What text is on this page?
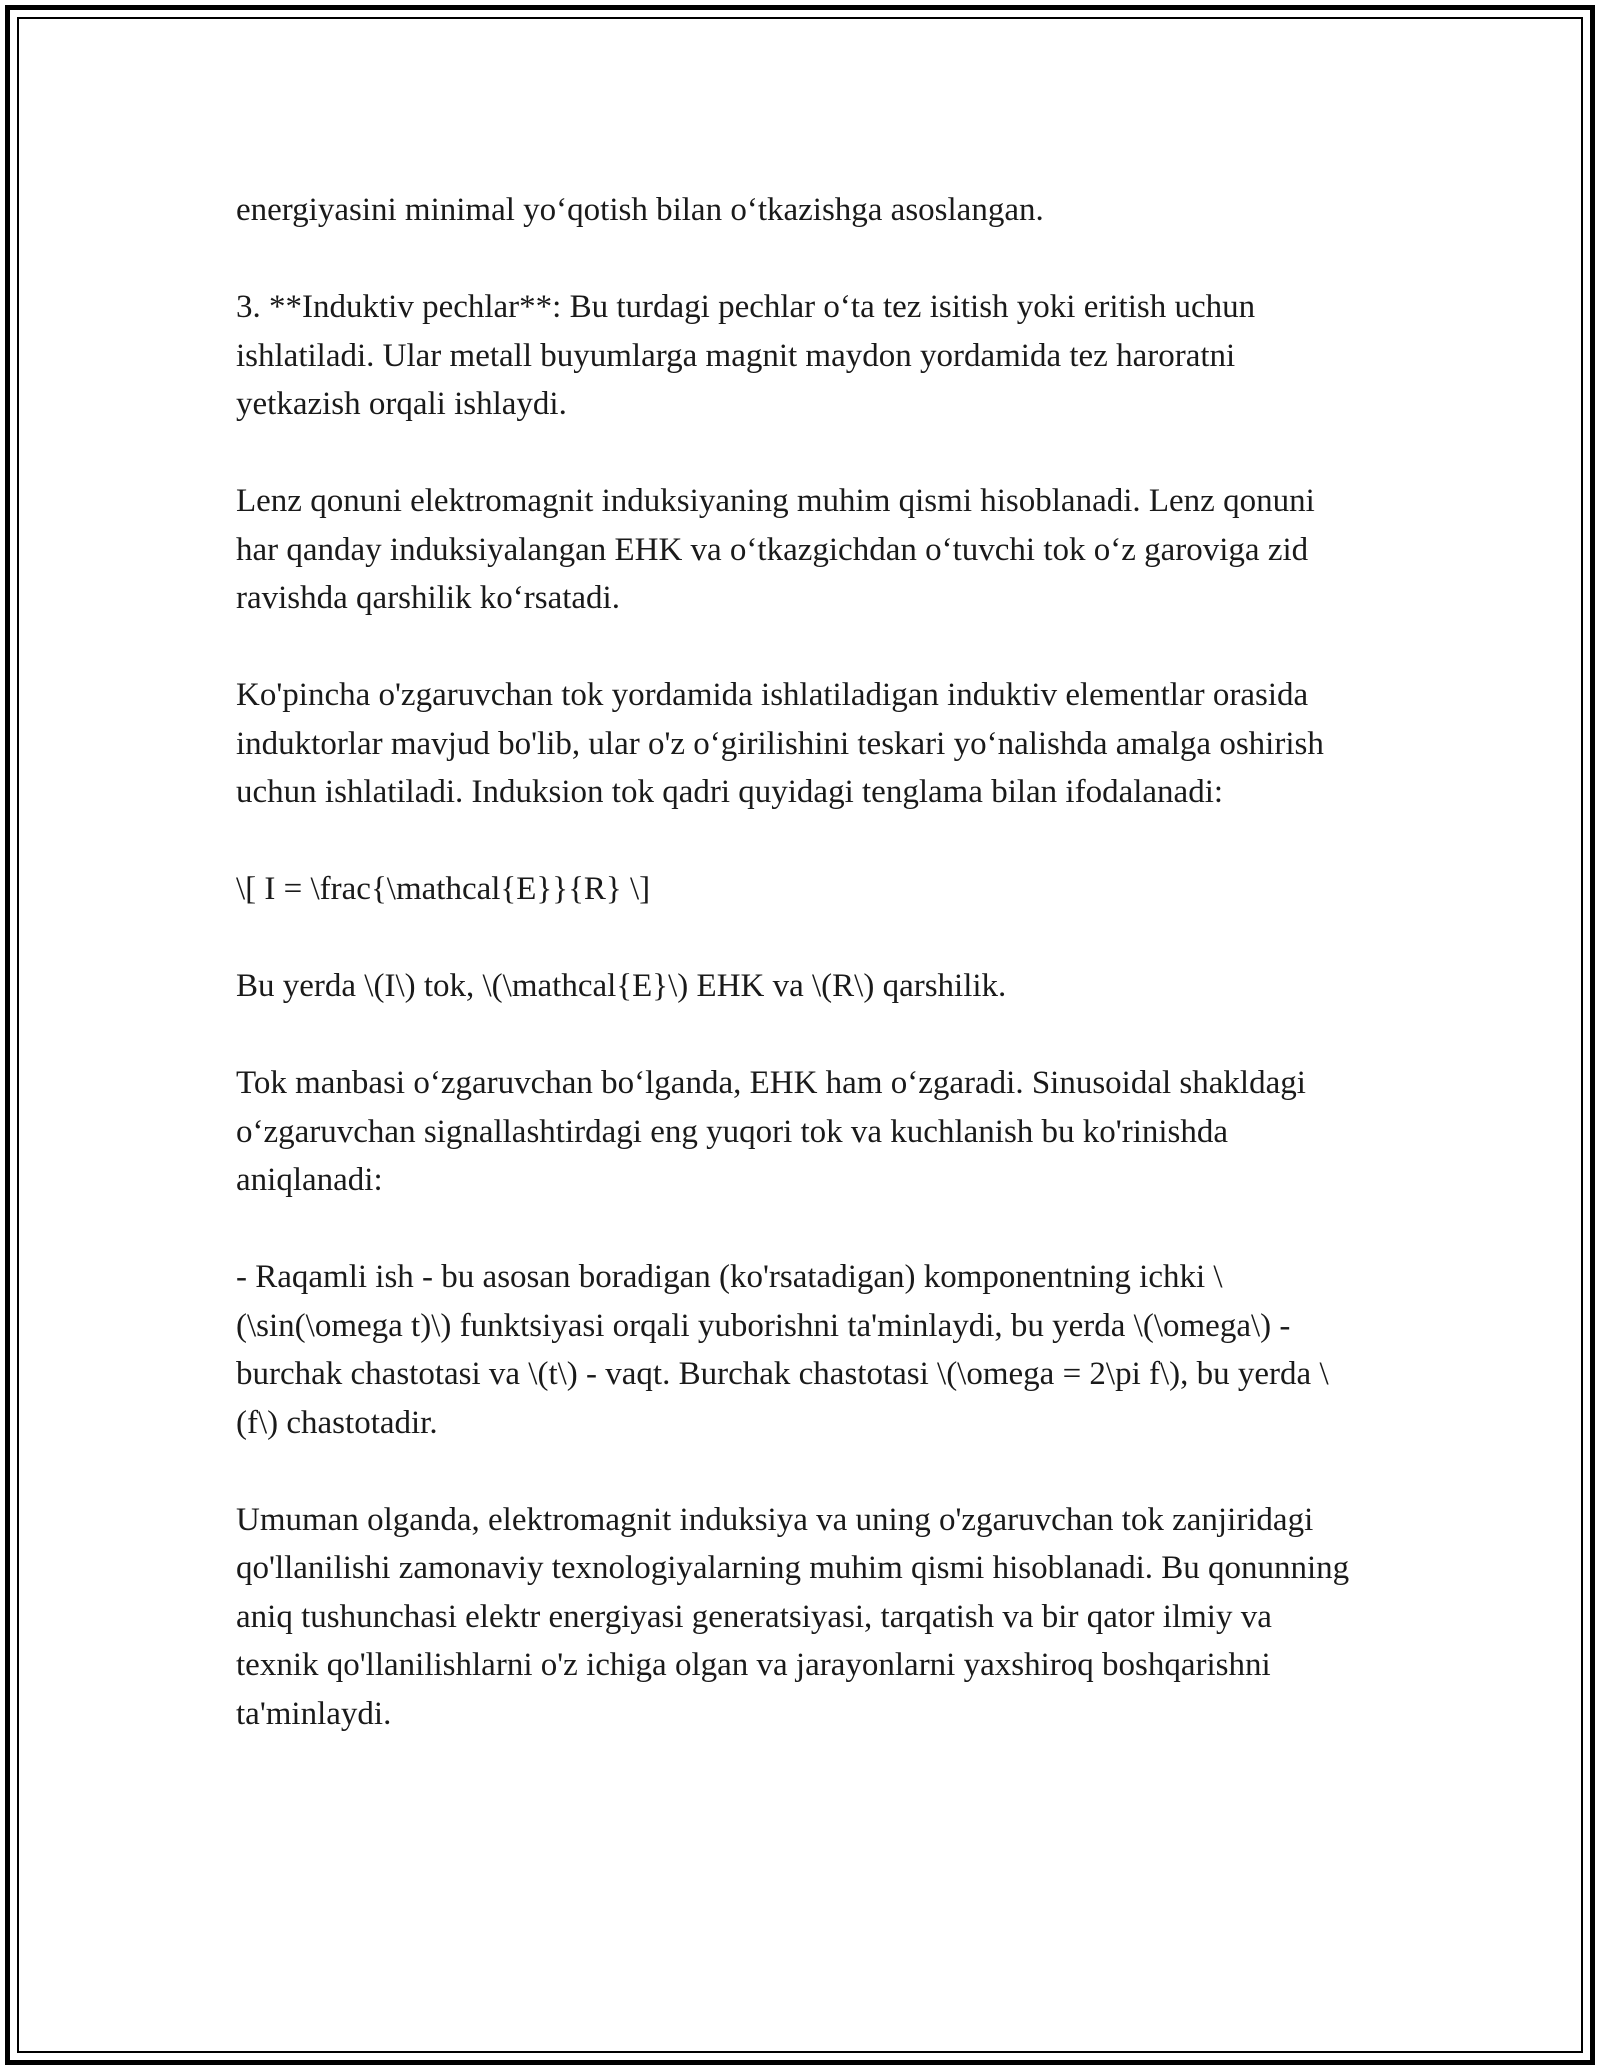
energiyasini minimal yo‘qotish bilan o‘tkazishga asoslangan.

3. **Induktiv pechlar**: Bu turdagi pechlar o‘ta tez isitish yoki eritish uchun ishlatiladi. Ular metall buyumlarga magnit maydon yordamida tez haroratni yetkazish orqali ishlaydi.

Lenz qonuni elektromagnit induksiyaning muhim qismi hisoblanadi. Lenz qonuni har qanday induksiyalangan EHK va o‘tkazgichdan o‘tuvchi tok o‘z garoviga zid ravishda qarshilik ko‘rsatadi.

Ko'pincha o'zgaruvchan tok yordamida ishlatiladigan induktiv elementlar orasida induktorlar mavjud bo'lib, ular o'z o‘girilishini teskari yo‘nalishda amalga oshirish uchun ishlatiladi. Induksion tok qadri quyidagi tenglama bilan ifodalanadi:

\[ I = \frac{\mathcal{E}}{R} \]

Bu yerda \(I\) tok, \(\mathcal{E}\) EHK va \(R\) qarshilik.

Tok manbasi o‘zgaruvchan bo‘lganda, EHK ham o‘zgaradi. Sinusoidal shakldagi o‘zgaruvchan signallashtirdagi eng yuqori tok va kuchlanish bu ko'rinishda aniqlanadi:

- Raqamli ish - bu asosan boradigan (ko'rsatadigan) komponentning ichki \(\sin(\omega t)\) funktsiyasi orqali yuborishni ta'minlaydi, bu yerda \(\omega\) - burchak chastotasi va \(t\) - vaqt. Burchak chastotasi \(\omega = 2\pi f\), bu yerda \(f\) chastotadir.

Umuman olganda, elektromagnit induksiya va uning o'zgaruvchan tok zanjiridagi qo'llanilishi zamonaviy texnologiyalarning muhim qismi hisoblanadi. Bu qonunning aniq tushunchasi elektr energiyasi generatsiyasi, tarqatish va bir qator ilmiy va texnik qo'llanilishlarni o'z ichiga olgan va jarayonlarni yaxshiroq boshqarishni ta'minlaydi.
